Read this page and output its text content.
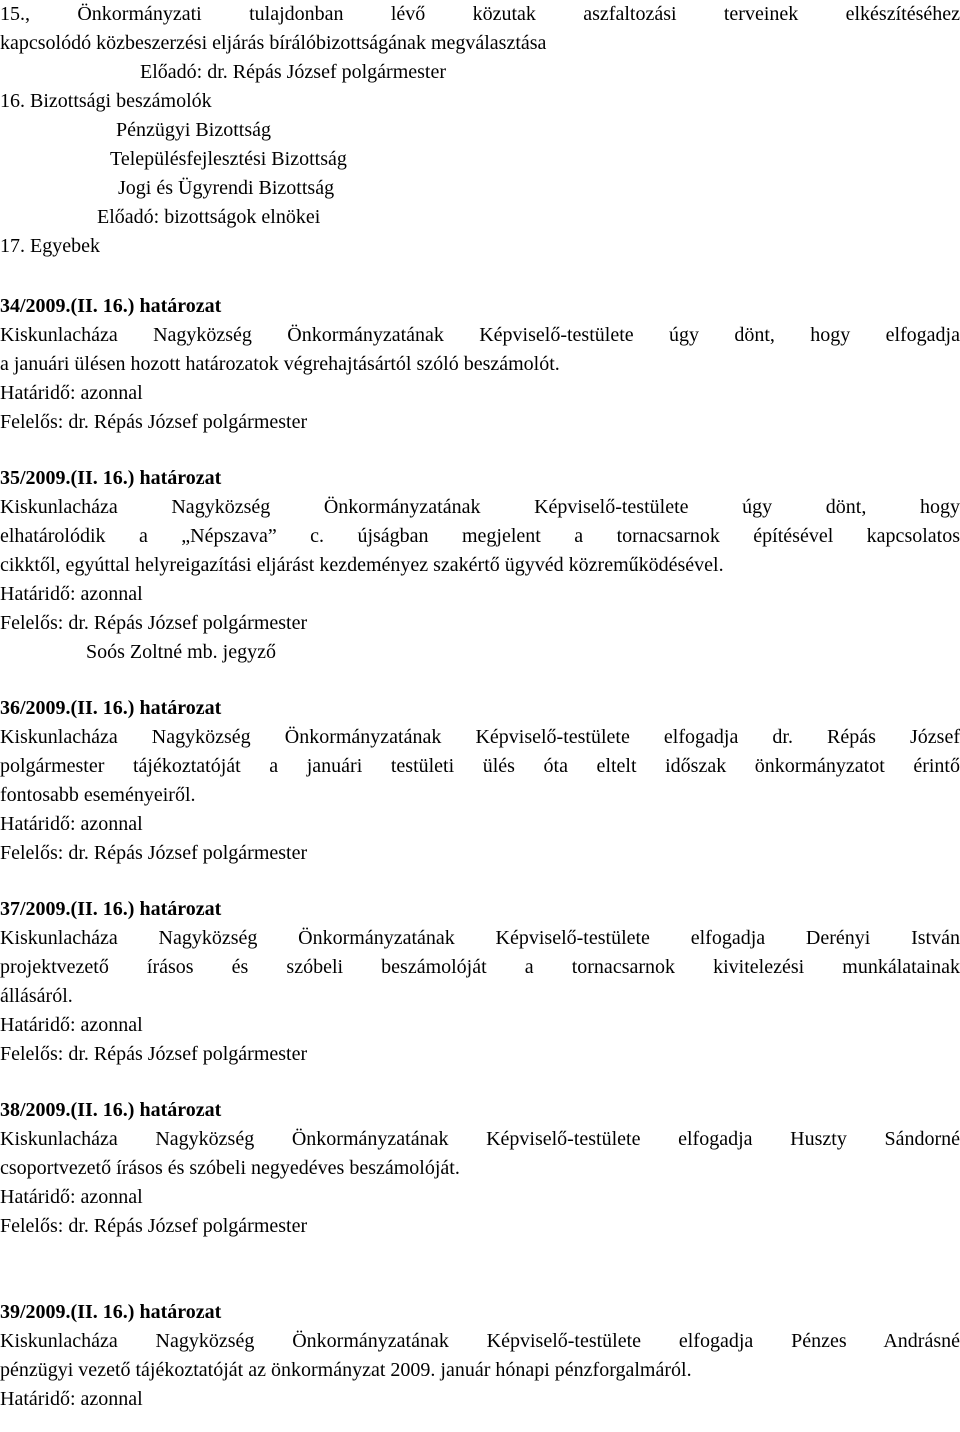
15., Önkormányzati tulajdonban lévő közutak aszfaltozási terveinek elkészítéséhez
kapcsolódó közbeszerzési eljárás bírálóbizottságának megválasztása
Előadó: dr. Répás József polgármester
16. Bizottsági beszámolók
Pénzügyi Bizottság
Településfejlesztési Bizottság
Jogi és Ügyrendi Bizottság
Előadó: bizottságok elnökei
17. Egyebek
34/2009.(II. 16.) határozat
Kiskunlacháza Nagyközség Önkormányzatának Képviselő-testülete úgy dönt, hogy elfogadja
a januári ülésen hozott határozatok végrehajtásártól szóló beszámolót.
Határidő: azonnal
Felelős: dr. Répás József polgármester
35/2009.(II. 16.) határozat
Kiskunlacháza Nagyközség Önkormányzatának Képviselő-testülete úgy dönt, hogy
elhatárolódik a „Népszava” c. újságban megjelent a tornacsarnok építésével kapcsolatos
cikktől, egyúttal helyreigazítási eljárást kezdeményez szakértő ügyvéd közreműködésével.
Határidő: azonnal
Felelős: dr. Répás József polgármester
Soós Zoltné mb. jegyző
36/2009.(II. 16.) határozat
Kiskunlacháza Nagyközség Önkormányzatának Képviselő-testülete elfogadja dr. Répás József
polgármester tájékoztatóját a januári testületi ülés óta eltelt időszak önkormányzatot érintő
fontosabb eseményeiről.
Határidő: azonnal
Felelős: dr. Répás József polgármester
37/2009.(II. 16.) határozat
Kiskunlacháza Nagyközség Önkormányzatának Képviselő-testülete elfogadja Derényi István
projektvezető írásos és szóbeli beszámolóját a tornacsarnok kivitelezési munkálatainak
állásáról.
Határidő: azonnal
Felelős: dr. Répás József polgármester
38/2009.(II. 16.) határozat
Kiskunlacháza Nagyközség Önkormányzatának Képviselő-testülete elfogadja Huszty Sándorné
csoportvezető írásos és szóbeli negyedéves beszámolóját.
Határidő: azonnal
Felelős: dr. Répás József polgármester
39/2009.(II. 16.) határozat
Kiskunlacháza Nagyközség Önkormányzatának Képviselő-testülete elfogadja Pénzes Andrásné
pénzügyi vezető tájékoztatóját az önkormányzat 2009. január hónapi pénzforgalmáról.
Határidő: azonnal
